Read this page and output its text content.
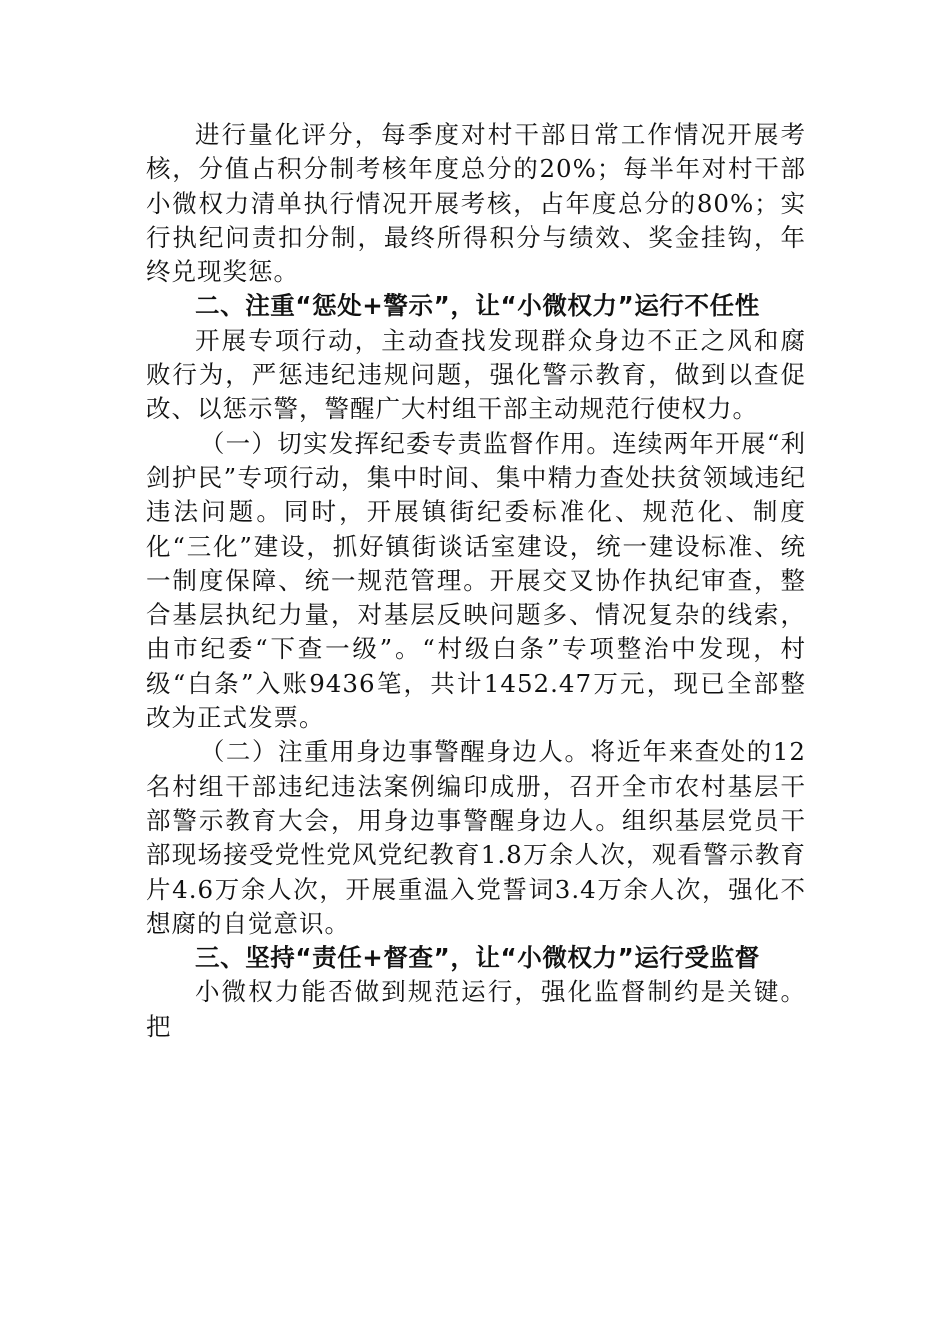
进行量化评分，每季度对村干部日常工作情况开展考核，分值占积分制考核年度总分的20%；每半年对村干部小微权力清单执行情况开展考核，占年度总分的80%；实行执纪问责扣分制，最终所得积分与绩效、奖金挂钩，年终兑现奖惩。

二、注重“惩处+警示”，让“小微权力”运行不任性

开展专项行动，主动查找发现群众身边不正之风和腐败行为，严惩违纪违规问题，强化警示教育，做到以查促改、以惩示警，警醒广大村组干部主动规范行使权力。

（一）切实发挥纪委专责监督作用。连续两年开展“利剑护民”专项行动，集中时间、集中精力查处扶贫领域违纪违法问题。同时，开展镇街纪委标准化、规范化、制度化“三化”建设，抓好镇街谈话室建设，统一建设标准、统一制度保障、统一规范管理。开展交叉协作执纪审查，整合基层执纪力量，对基层反映问题多、情况复杂的线索，由市纪委“下查一级”。“村级白条”专项整治中发现，村级“白条”入账9436笔，共计1452.47万元，现已全部整改为正式发票。

（二）注重用身边事警醒身边人。将近年来查处的12名村组干部违纪违法案例编印成册，召开全市农村基层干部警示教育大会，用身边事警醒身边人。组织基层党员干部现场接受党性党风党纪教育1.8万余人次，观看警示教育片4.6万余人次，开展重温入党誓词3.4万余人次，强化不想腐的自觉意识。

三、坚持“责任+督查”，让“小微权力”运行受监督

小微权力能否做到规范运行，强化监督制约是关键。把
